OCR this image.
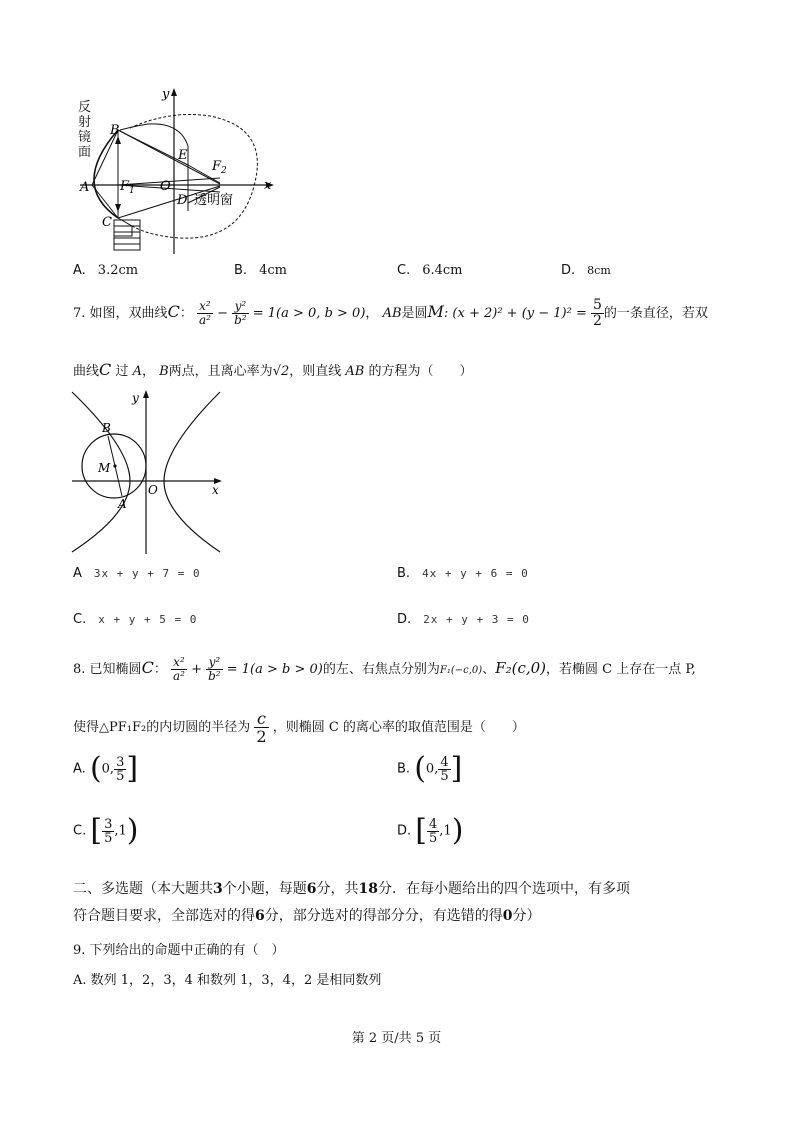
B
A
C
E
O
D
$F_1$
$F_2$
x
y
透明窗
反
射
镜
面
A. 3.2cm	B. 4cm	C. 6.4cm	D. 8cm
7. 如图，双曲线C： $\frac{\text{x²}}{\text{a²}} - \frac{\text{y²}}{\text{b²}} = 1(a > 0$, b > 0)， AB是圆M: $(x + 2)^2 + (y - 1)^2 = \frac{5}{2}$ 的一条直径，若双
曲线C 过 A， B两点，且离心率为√2，则直线 AB 的方程为（　　）
B
M
A
O	x
y
A 3x + y + 7 = 0	B. 4x + y + 6 = 0
C. x + y + 5 = 0	D. 2x + y + 3 = 0
8. 已知椭圆C： $\frac{\text{x²}}{\text{a²}} + \frac{\text{y²}}{\text{b²}} = 1(a > b > 0)$的左、右焦点分别为F₁(−c,0)、F₂(c,0)，若椭圆 C 上存在一点 P,
使得△PF₁F₂的内切圆的半径为 $\frac{c}{2}$ ，则椭圆 C 的离心率的取值范围是（　　）
A. (0, $\frac{3}{5}$ ]	B. (0, $\frac{4}{5}$ ]
C. [ $\frac{3}{5} ,1$)	D. [ $\frac{4}{5} ,1$)
二、多选题（本大题共3个小题，每题6分，共18分．在每小题给出的四个选项中，有多项
符合题目要求，全部选对的得6分，部分选对的得部分分，有选错的得0分）
9. 下列给出的命题中正确的有（　）
A. 数列 1，2，3，4 和数列 1，3，4，2 是相同数列
第 2 页/共 5 页
